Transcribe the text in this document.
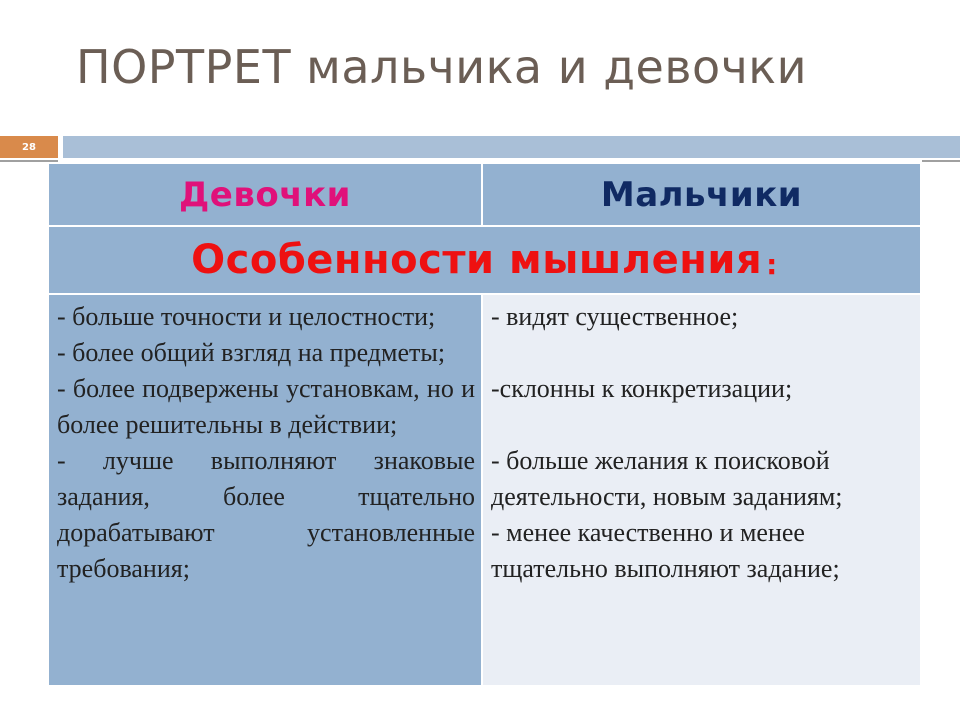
ПОРТРЕТ мальчика и девочки
28
Девочки	Мальчики
Особенности мышления :

- больше точности и целостности;

- более общий взгляд на предметы;

- более подвержены установкам, но и более решительны в действии;

- лучше выполняют знаковые задания, более тщательно дорабатывают установленные требования;

- видят существенное;

-склонны к конкретизации;

- больше желания к поисковой деятельности, новым заданиям;

- менее качественно и менее тщательно выполняют задание;
